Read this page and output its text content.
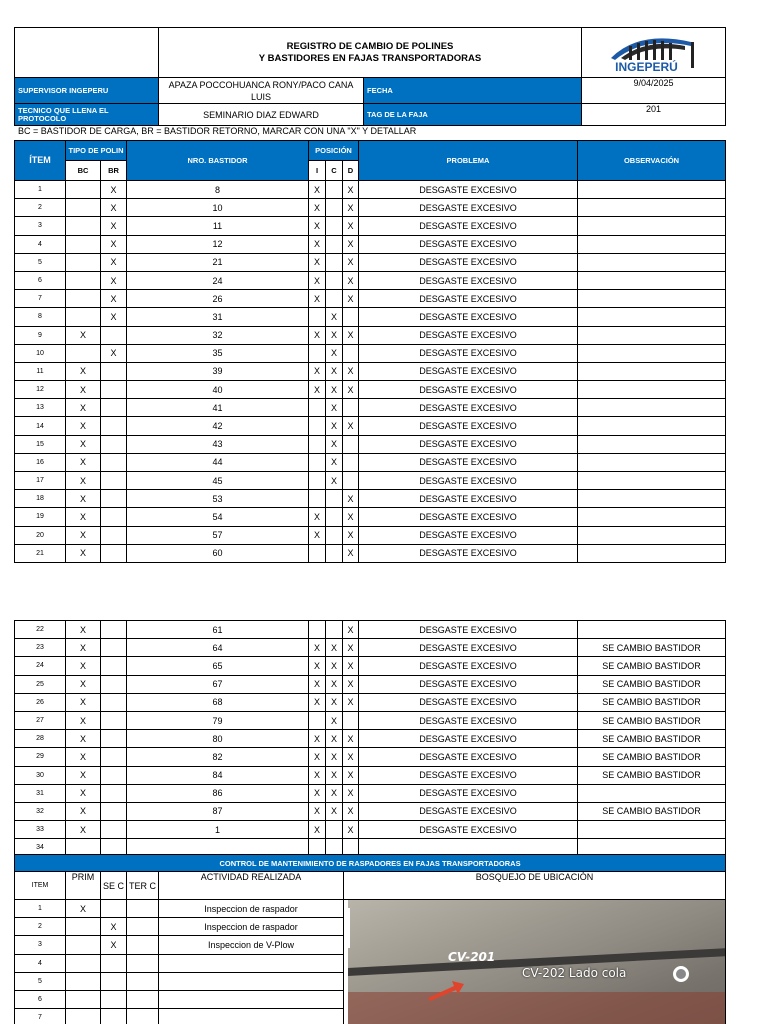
	REGISTRO DE CAMBIO DE POLINES
Y BASTIDORES EN FAJAS TRANSPORTADORAS		INGEPERÚ

SUPERVISOR INGEPERU	APAZA POCCOHUANCA RONY/PACO CANA LUIS	FECHA	9/04/2025
TECNICO QUE LLENA EL PROTOCOLO	SEMINARIO DIAZ EDWARD	TAG DE LA FAJA	201
BC = BASTIDOR DE CARGA, BR = BASTIDOR RETORNO, MARCAR CON UNA "X" Y DETALLAR
ÍTEM	TIPO DE POLIN		NRO. BASTIDOR	POSICIÓN			PROBLEMA	OBSERVACIÓN
	BC	BR		I	C	D		
1		X	8	X		X	DESGASTE EXCESIVO	
2		X	10	X		X	DESGASTE EXCESIVO	
3		X	11	X		X	DESGASTE EXCESIVO	
4		X	12	X		X	DESGASTE EXCESIVO	
5		X	21	X		X	DESGASTE EXCESIVO	
6		X	24	X		X	DESGASTE EXCESIVO	
7		X	26	X		X	DESGASTE EXCESIVO	
8		X	31		X		DESGASTE EXCESIVO	
9	X		32	X	X	X	DESGASTE EXCESIVO	
10		X	35		X		DESGASTE EXCESIVO	
11	X		39	X	X	X	DESGASTE EXCESIVO	
12	X		40	X	X	X	DESGASTE EXCESIVO	
13	X		41		X		DESGASTE EXCESIVO	
14	X		42		X	X	DESGASTE EXCESIVO	
15	X		43		X		DESGASTE EXCESIVO	
16	X		44		X		DESGASTE EXCESIVO	
17	X		45		X		DESGASTE EXCESIVO	
18	X		53			X	DESGASTE EXCESIVO	
19	X		54	X		X	DESGASTE EXCESIVO	
20	X		57	X		X	DESGASTE EXCESIVO	
21	X		60			X	DESGASTE EXCESIVO	
22	X		61			X	DESGASTE EXCESIVO	
23	X		64	X	X	X	DESGASTE EXCESIVO	SE CAMBIO BASTIDOR
24	X		65	X	X	X	DESGASTE EXCESIVO	SE CAMBIO BASTIDOR
25	X		67	X	X	X	DESGASTE EXCESIVO	SE CAMBIO BASTIDOR
26	X		68	X	X	X	DESGASTE EXCESIVO	SE CAMBIO BASTIDOR
27	X		79		X		DESGASTE EXCESIVO	SE CAMBIO BASTIDOR
28	X		80	X	X	X	DESGASTE EXCESIVO	SE CAMBIO BASTIDOR
29	X		82	X	X	X	DESGASTE EXCESIVO	SE CAMBIO BASTIDOR
30	X		84	X	X	X	DESGASTE EXCESIVO	SE CAMBIO BASTIDOR
31	X		86	X	X	X	DESGASTE EXCESIVO	
32	X		87	X	X	X	DESGASTE EXCESIVO	SE CAMBIO BASTIDOR
33	X		1	X		X	DESGASTE EXCESIVO	
34								
CONTROL DE MANTENIMIENTO DE RASPADORES EN FAJAS TRANSPORTADORAS					
ITEM	PRIM	SE C	TER C	ACTIVIDAD REALIZADA	BOSQUEJO DE UBICACIÓN
1	X			Inspeccion de raspador	
2		X		Inspeccion de raspador	
3		X		Inspeccion de V-Plow	
4					
5					
6					
7					
CV-201
CV-202 Lado cola
